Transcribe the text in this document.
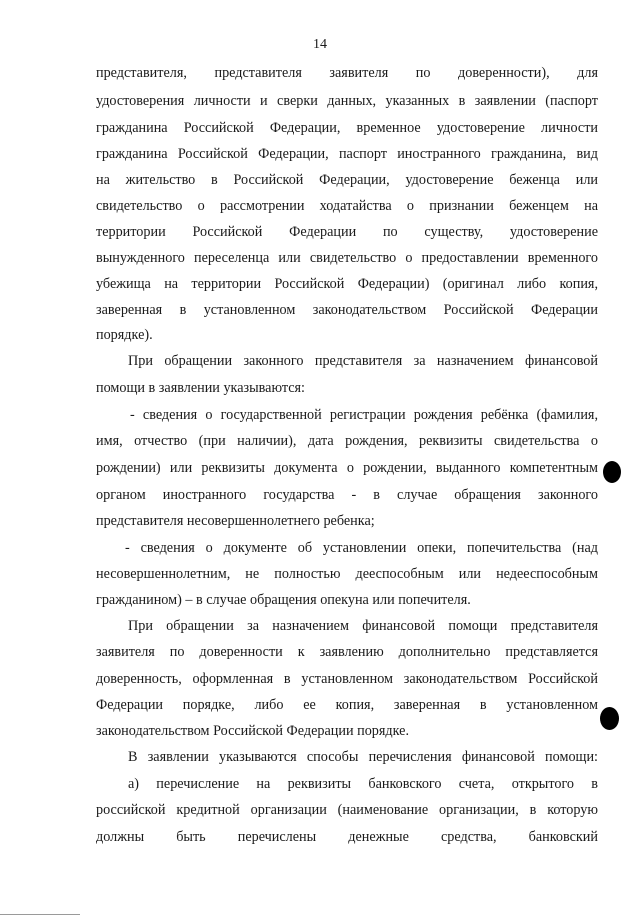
14
представителя, представителя заявителя по доверенности), для
удостоверения личности и сверки данных, указанных в заявлении (паспорт
гражданина Российской Федерации, временное удостоверение личности
гражданина Российской Федерации, паспорт иностранного гражданина, вид
на жительство в Российской Федерации, удостоверение беженца или
свидетельство о рассмотрении ходатайства о признании беженцем на
территории Российской Федерации по существу, удостоверение
вынужденного переселенца или свидетельство о предоставлении временного
убежища на территории Российской Федерации) (оригинал либо копия,
заверенная в установленном законодательством Российской Федерации
порядке).
При обращении законного представителя за назначением финансовой
помощи в заявлении указываются:
- сведения о государственной регистрации рождения ребёнка (фамилия,
имя, отчество (при наличии), дата рождения, реквизиты свидетельства о
рождении) или реквизиты документа о рождении, выданного компетентным
органом иностранного государства - в случае обращения законного
представителя несовершеннолетнего ребенка;
- сведения о документе об установлении опеки, попечительства (над
несовершеннолетним, не полностью дееспособным или недееспособным
гражданином) – в случае обращения опекуна или попечителя.
При обращении за назначением финансовой помощи представителя
заявителя по доверенности к заявлению дополнительно представляется
доверенность, оформленная в установленном законодательством Российской
Федерации порядке, либо ее копия, заверенная в установленном
законодательством Российской Федерации порядке.
В заявлении указываются способы перечисления финансовой помощи:
а) перечисление на реквизиты банковского счета, открытого в
российской кредитной организации (наименование организации, в которую
должны быть перечислены денежные средства, банковский
